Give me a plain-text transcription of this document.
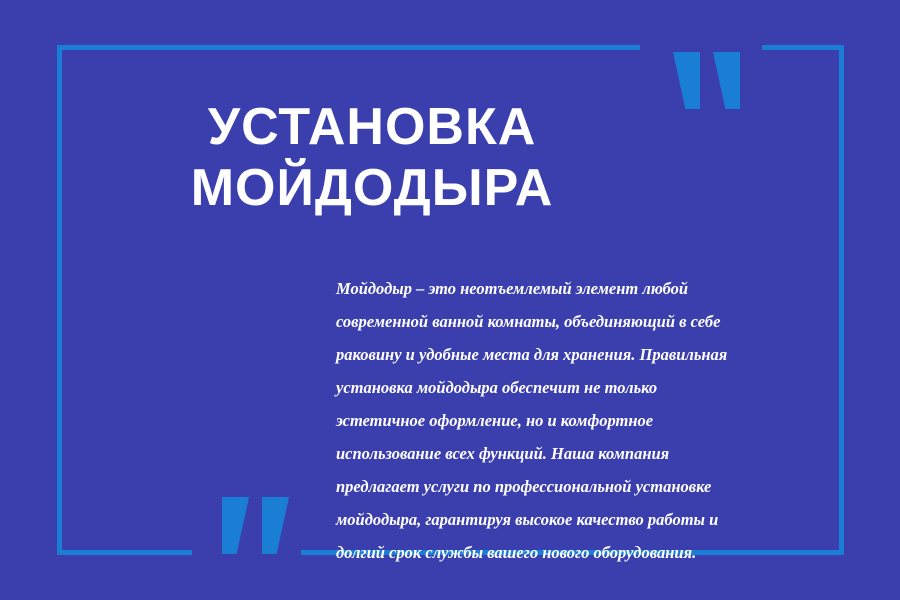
УСТАНОВКА
МОЙДОДЫРА

Мойдодыр – это неотъемлемый элемент любой современной ванной комнаты, объединяющий в себе раковину и удобные места для хранения. Правильная установка мойдодыра обеспечит не только эстетичное оформление, но и комфортное использование всех функций. Наша компания предлагает услуги по профессиональной установке мойдодыра, гарантируя высокое качество работы и долгий срок службы вашего нового оборудования.
